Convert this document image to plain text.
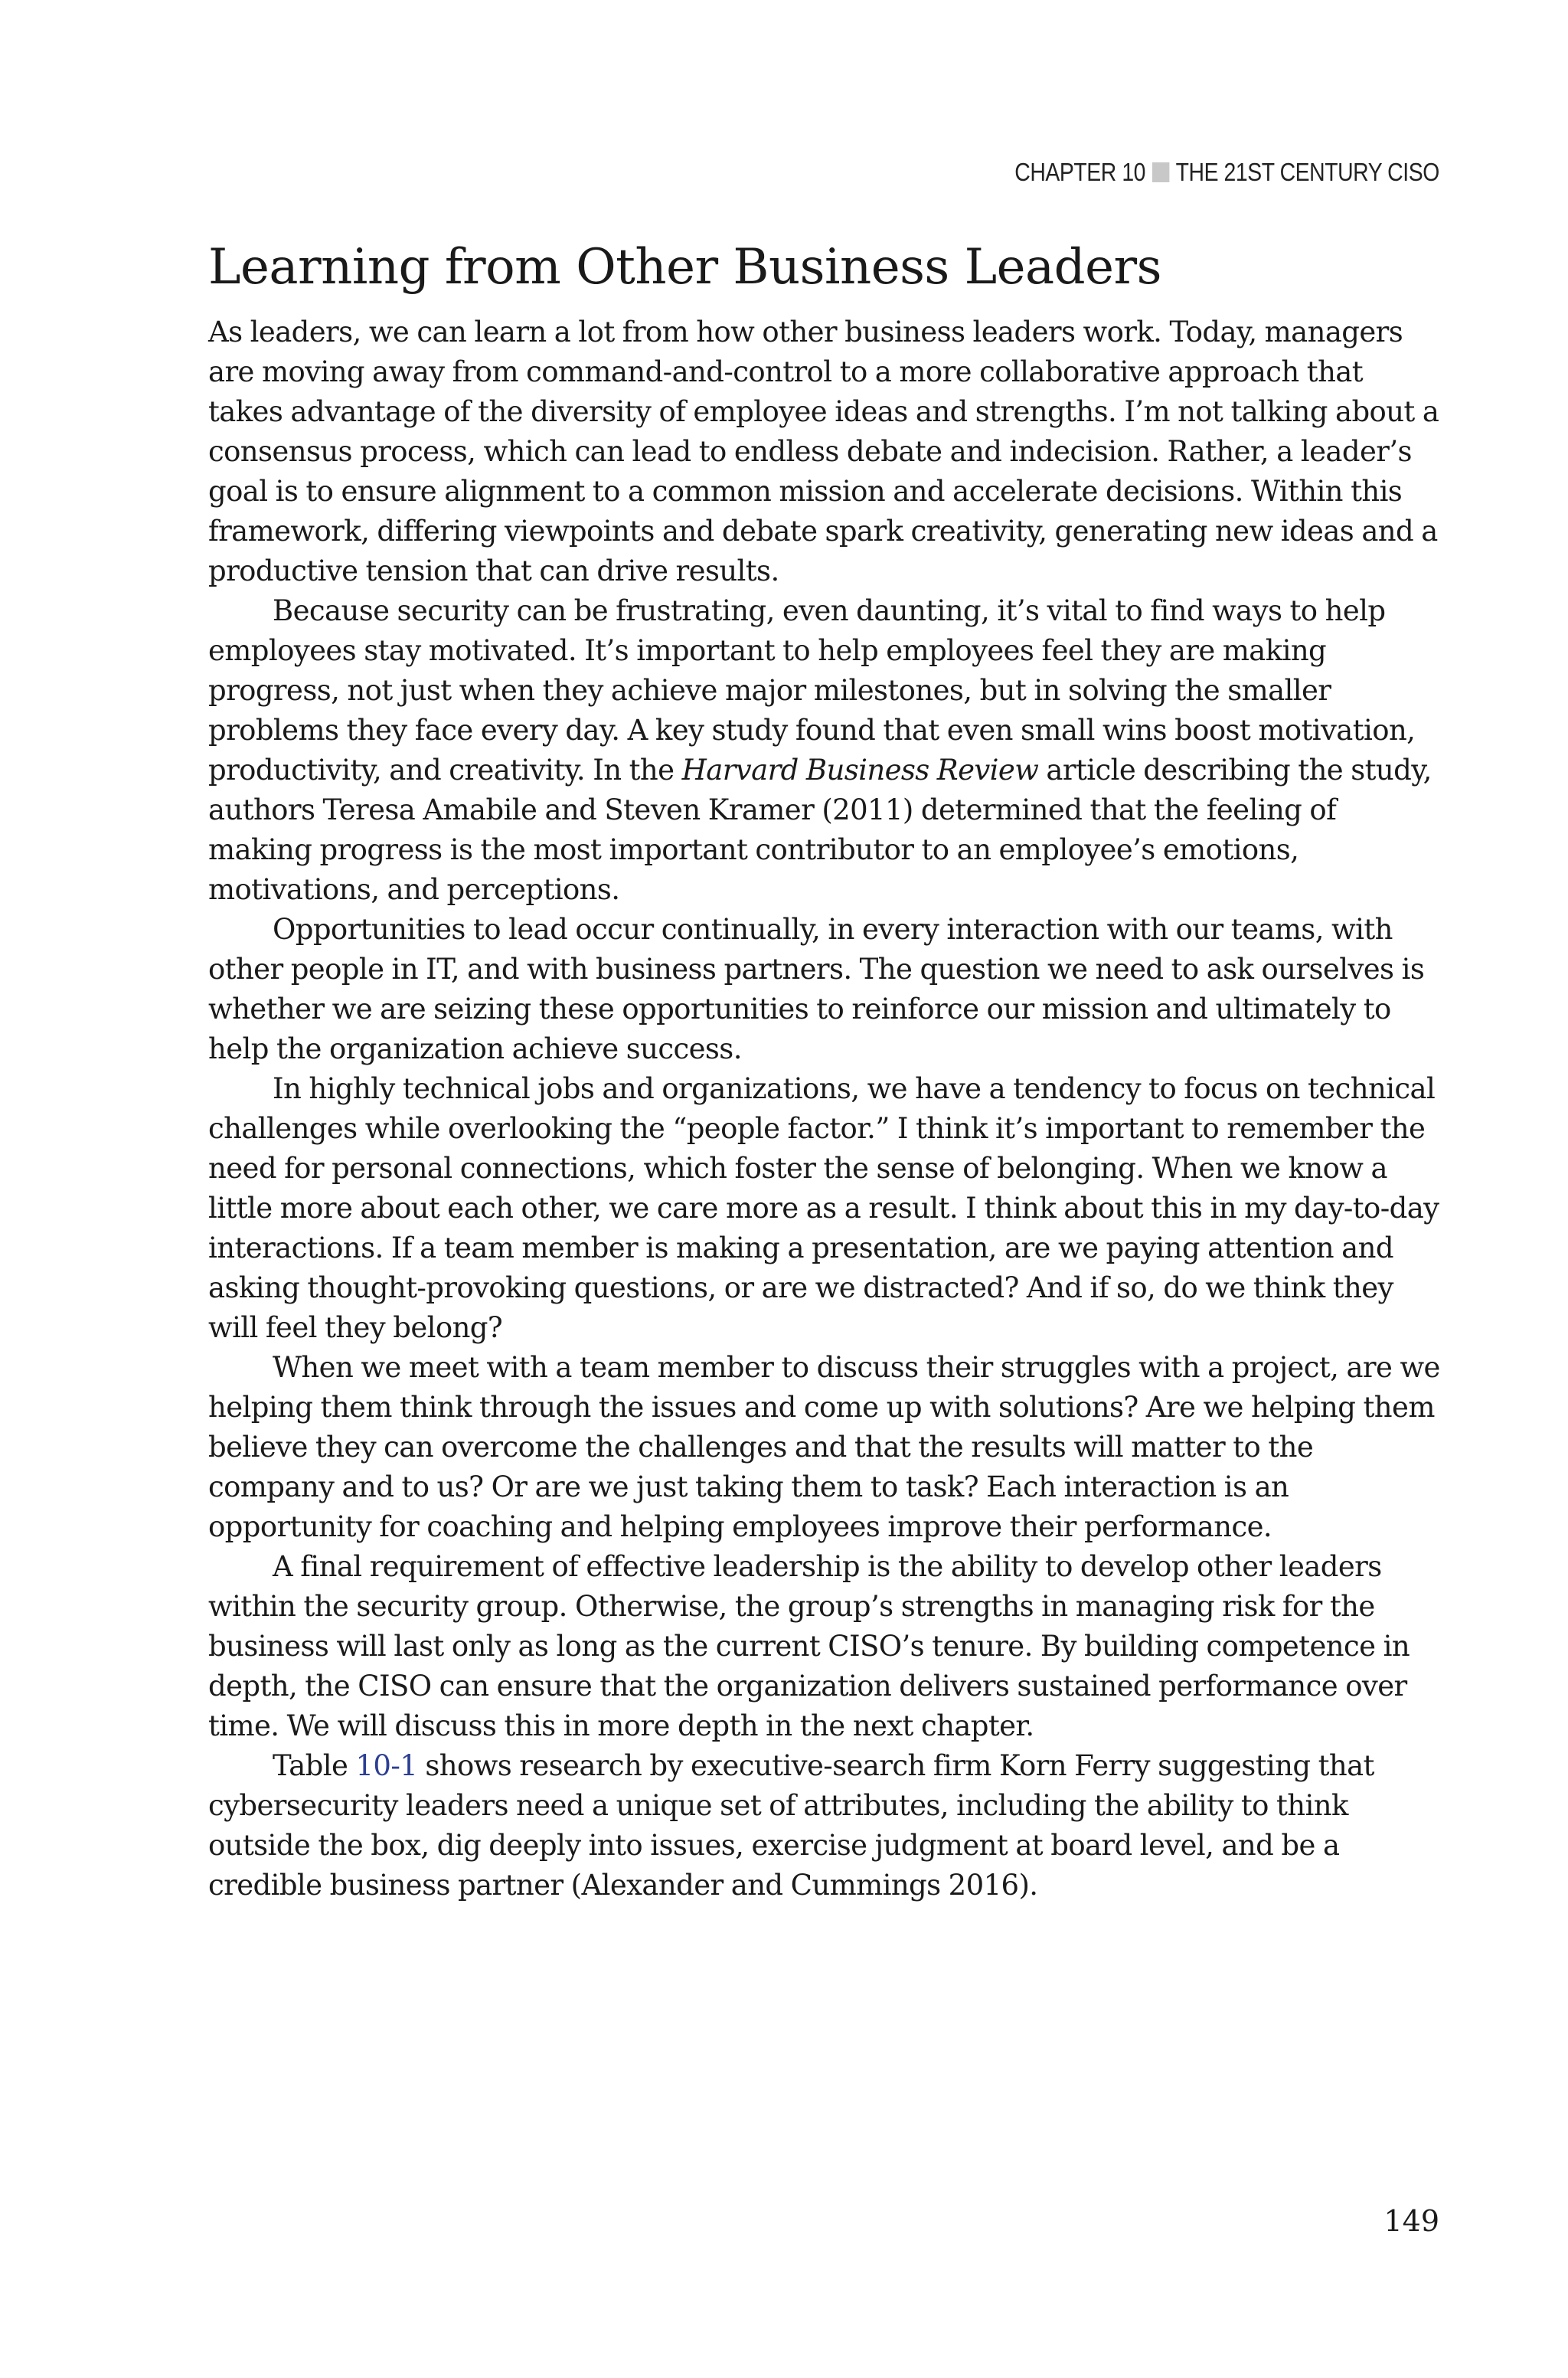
CHAPTER 10 THE 21ST CENTURY CISO
Learning from Other Business Leaders

As leaders, we can learn a lot from how other business leaders work. Today, managers are moving away from command-and-control to a more collaborative approach that takes advantage of the diversity of employee ideas and strengths. I’m not talking about a consensus process, which can lead to endless debate and indecision. Rather, a leader’s goal is to ensure alignment to a common mission and accelerate decisions. Within this framework, differing viewpoints and debate spark creativity, generating new ideas and a productive tension that can drive results.

Because security can be frustrating, even daunting, it’s vital to find ways to help employees stay motivated. It’s important to help employees feel they are making progress, not just when they achieve major milestones, but in solving the smaller problems they face every day. A key study found that even small wins boost motivation, productivity, and creativity. In the Harvard Business Review article describing the study, authors Teresa Amabile and Steven Kramer (2011) determined that the feeling of making progress is the most important contributor to an employee’s emotions, motivations, and perceptions.

Opportunities to lead occur continually, in every interaction with our teams, with other people in IT, and with business partners. The question we need to ask ourselves is whether we are seizing these opportunities to reinforce our mission and ultimately to help the organization achieve success.

In highly technical jobs and organizations, we have a tendency to focus on technical challenges while overlooking the “people factor.” I think it’s important to remember the need for personal connections, which foster the sense of belonging. When we know a little more about each other, we care more as a result. I think about this in my day-to-day interactions. If a team member is making a presentation, are we paying attention and asking thought-provoking questions, or are we distracted? And if so, do we think they will feel they belong?

When we meet with a team member to discuss their struggles with a project, are we helping them think through the issues and come up with solutions? Are we helping them believe they can overcome the challenges and that the results will matter to the company and to us? Or are we just taking them to task? Each interaction is an opportunity for coaching and helping employees improve their performance.

A final requirement of effective leadership is the ability to develop other leaders within the security group. Otherwise, the group’s strengths in managing risk for the business will last only as long as the current CISO’s tenure. By building competence in depth, the CISO can ensure that the organization delivers sustained performance over time. We will discuss this in more depth in the next chapter.

Table 10-1 shows research by executive-search firm Korn Ferry suggesting that cybersecurity leaders need a unique set of attributes, including the ability to think outside the box, dig deeply into issues, exercise judgment at board level, and be a credible business partner (Alexander and Cummings 2016).

149
